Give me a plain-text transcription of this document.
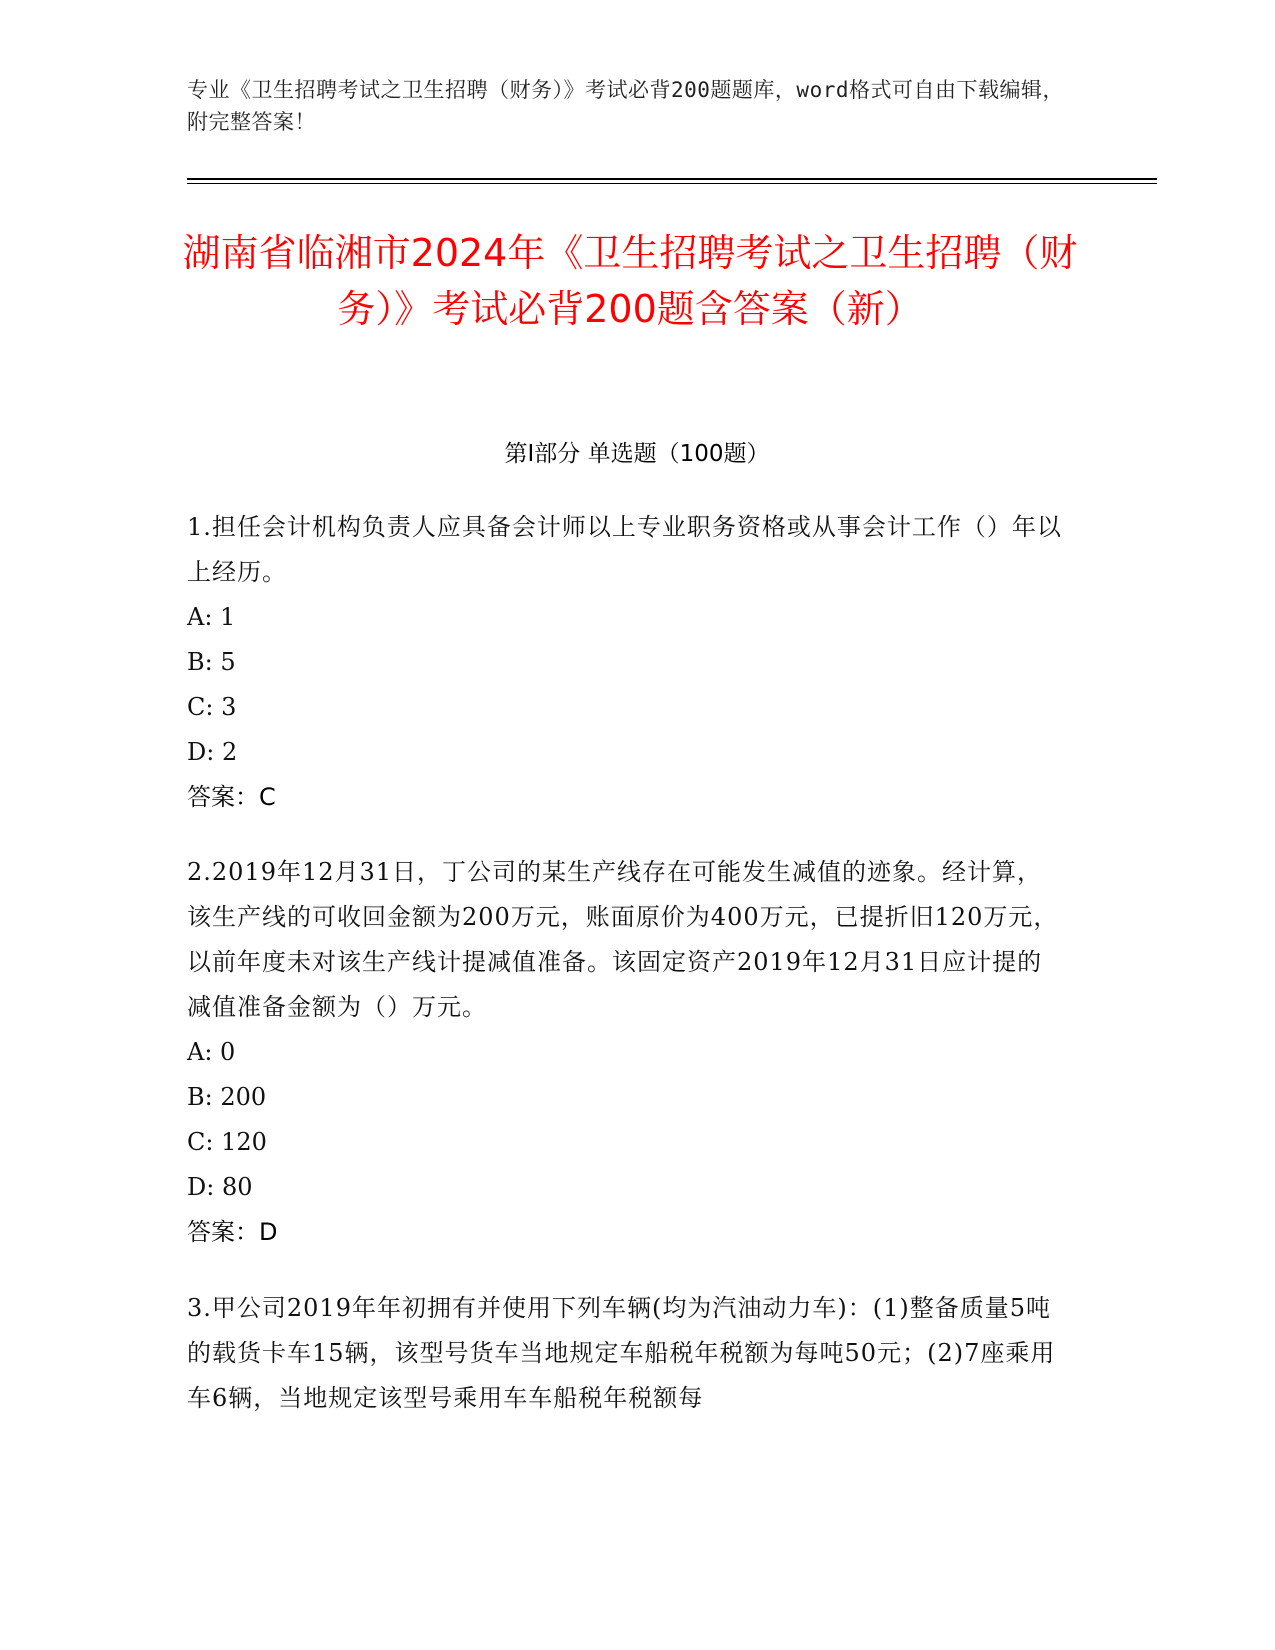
专业《卫生招聘考试之卫生招聘（财务）》考试必背200题题库，word格式可自由下载编辑，附完整答案！
湖南省临湘市2024年《卫生招聘考试之卫生招聘（财务）》考试必背200题含答案（新）
第I部分 单选题（100题）
1.担任会计机构负责人应具备会计师以上专业职务资格或从事会计工作（）年以上经历。
A: 1
B: 5
C: 3
D: 2
答案：C
2.2019年12月31日，丁公司的某生产线存在可能发生减值的迹象。经计算，该生产线的可收回金额为200万元，账面原价为400万元，已提折旧120万元，以前年度未对该生产线计提减值准备。该固定资产2019年12月31日应计提的减值准备金额为（）万元。
A: 0
B: 200
C: 120
D: 80
答案：D
3.甲公司2019年年初拥有并使用下列车辆(均为汽油动力车)：(1)整备质量5吨的载货卡车15辆，该型号货车当地规定车船税年税额为每吨50元；(2)7座乘用车6辆，当地规定该型号乘用车车船税年税额每
